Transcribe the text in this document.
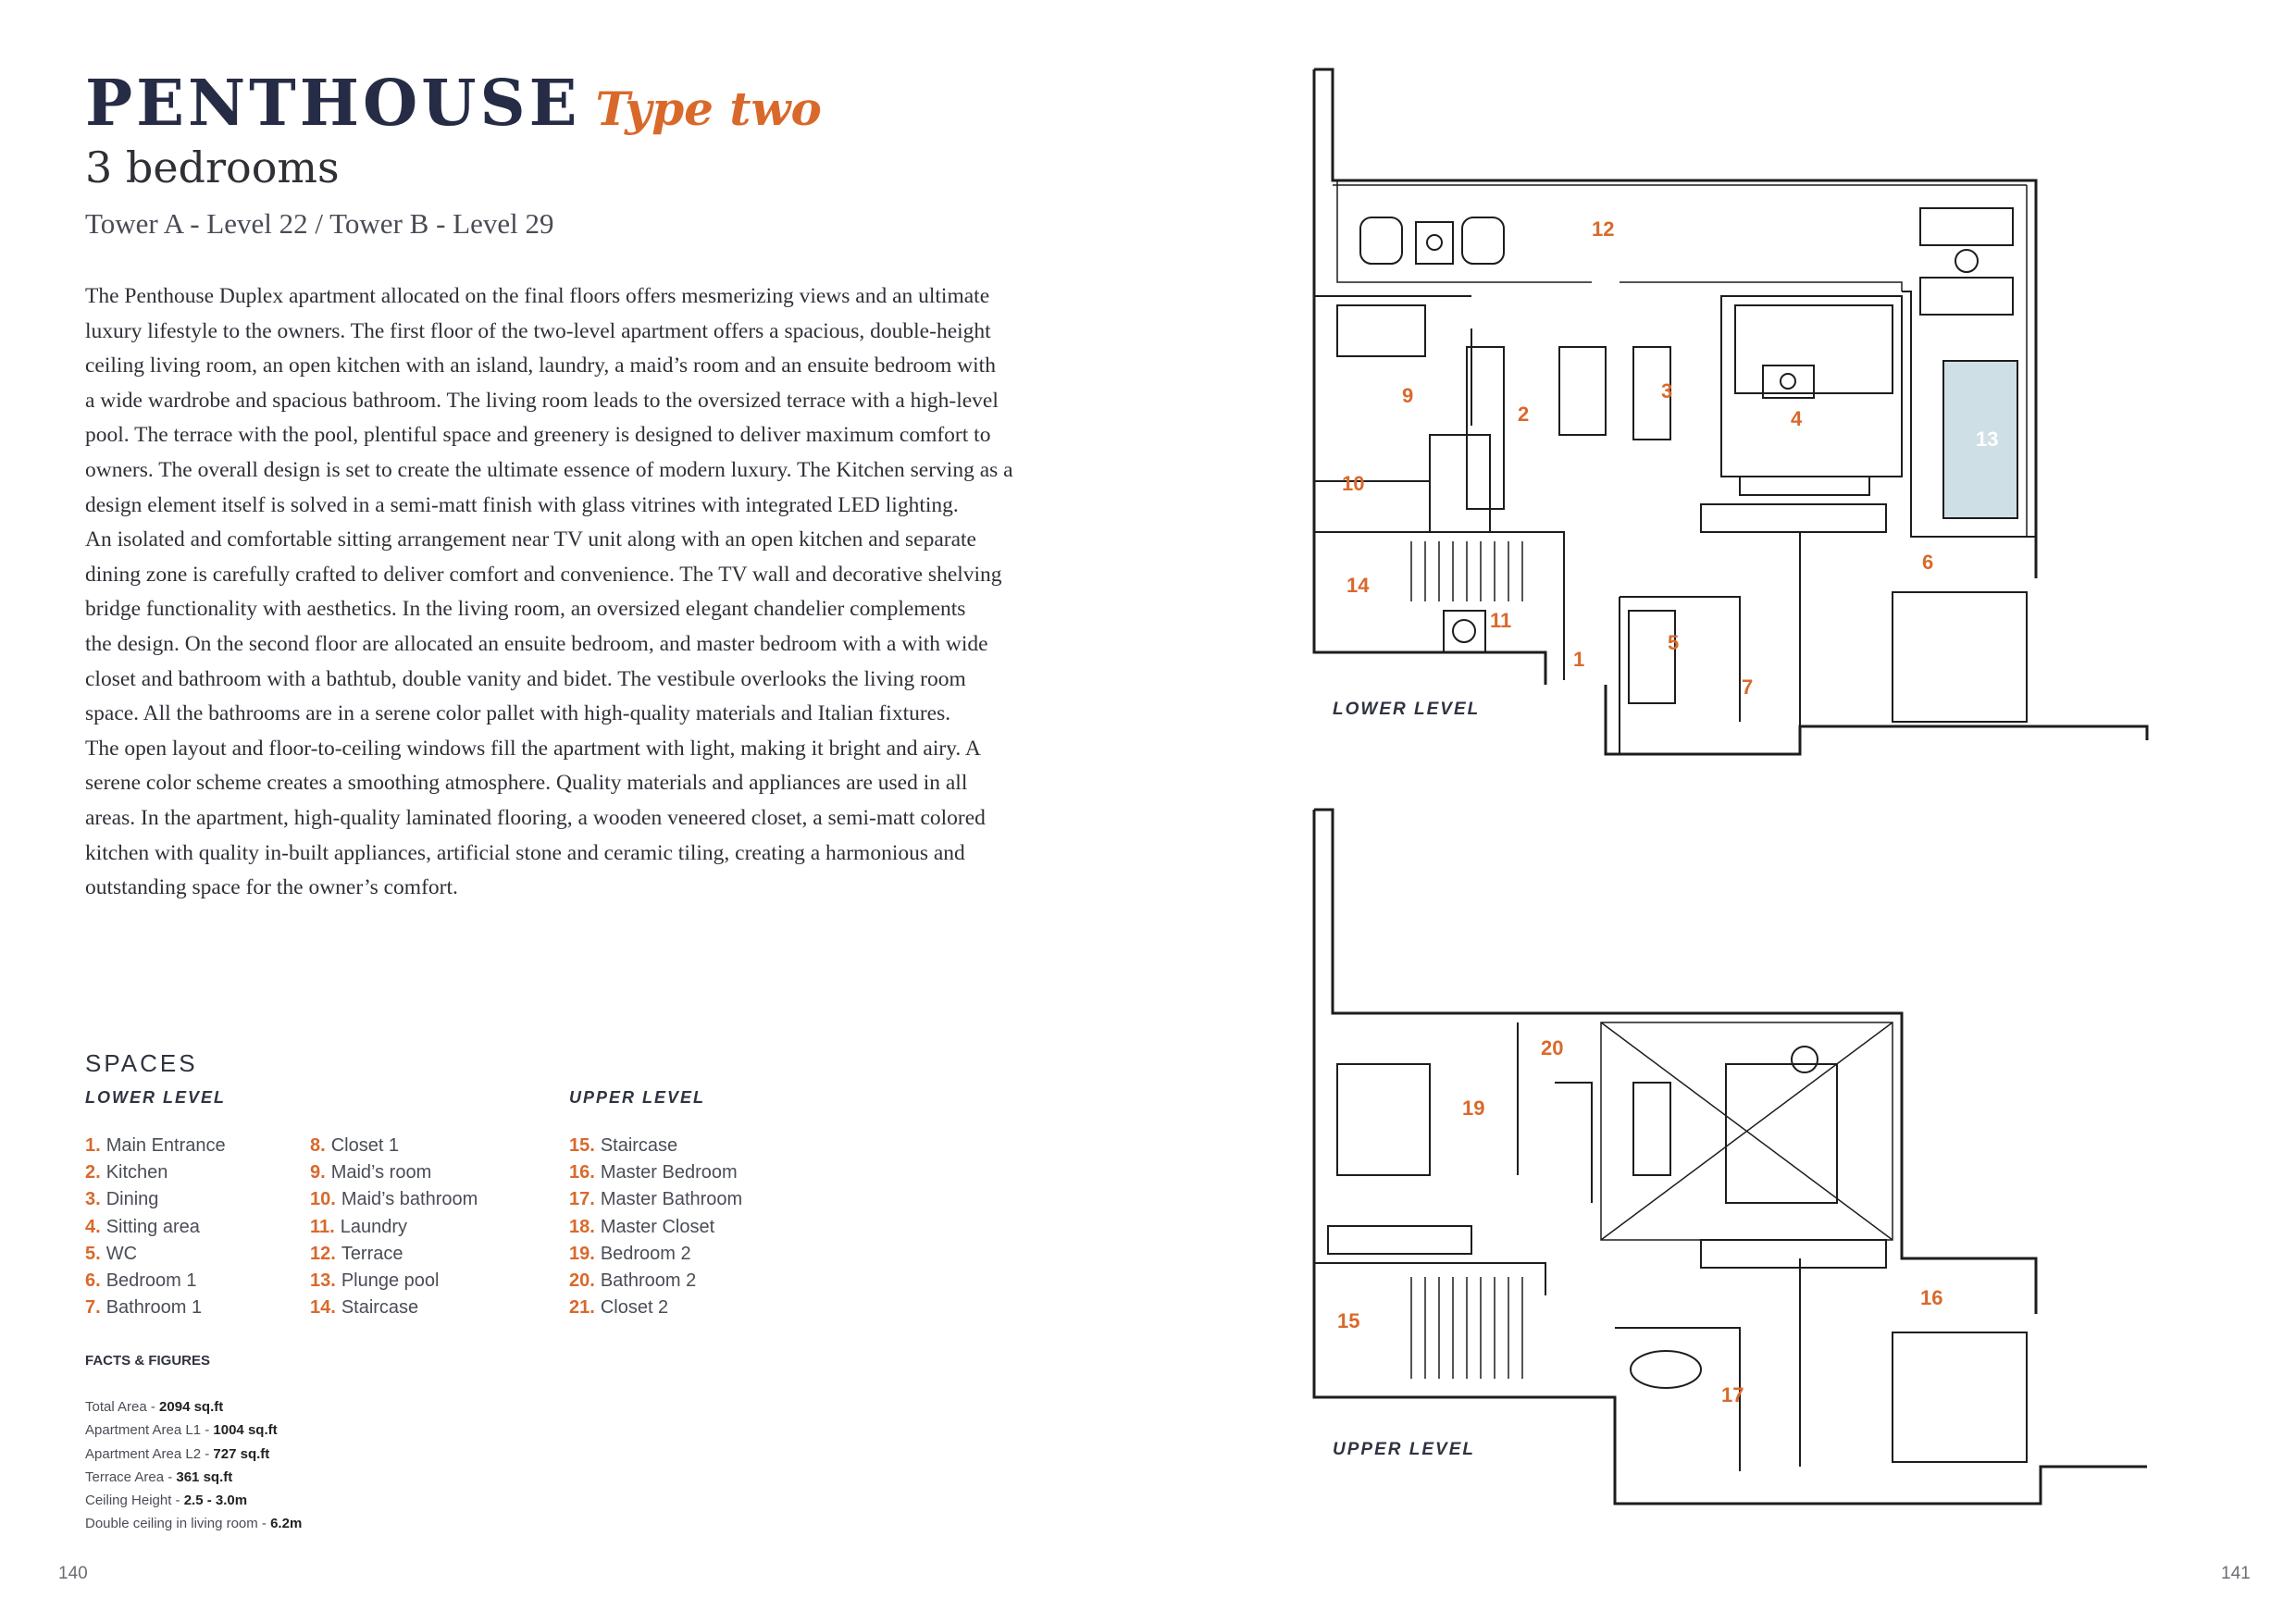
PENTHOUSE Type two
3 bedrooms
Tower A - Level 22 / Tower B - Level 29
The Penthouse Duplex apartment allocated on the final floors offers mesmerizing views and an ultimate
luxury lifestyle to the owners. The first floor of the two-level apartment offers a spacious, double-height
ceiling living room, an open kitchen with an island, laundry, a maid’s room and an ensuite bedroom with
a wide wardrobe and spacious bathroom. The living room leads to the oversized terrace with a high-level
pool. The terrace with the pool, plentiful space and greenery is designed to deliver maximum comfort to
owners. The overall design is set to create the ultimate essence of modern luxury. The Kitchen serving as a
design element itself is solved in a semi-matt finish with glass vitrines with integrated LED lighting.
An isolated and comfortable sitting arrangement near TV unit along with an open kitchen and separate
dining zone is carefully crafted to deliver comfort and convenience. The TV wall and decorative shelving
bridge functionality with aesthetics. In the living room, an oversized elegant chandelier complements
the design. On the second floor are allocated an ensuite bedroom, and master bedroom with a with wide
closet and bathroom with a bathtub, double vanity and bidet. The vestibule overlooks the living room
space. All the bathrooms are in a serene color pallet with high-quality materials and Italian fixtures.
The open layout and floor-to-ceiling windows fill the apartment with light, making it bright and airy. A
serene color scheme creates a smoothing atmosphere. Quality materials and appliances are used in all
areas. In the apartment, high-quality laminated flooring, a wooden veneered closet, a semi-matt colored
kitchen with quality in-built appliances, artificial stone and ceramic tiling, creating a harmonious and
outstanding space for the owner’s comfort.
SPACES
LOWER LEVEL	UPPER LEVEL
1. Main Entrance
2. Kitchen
3. Dining
4. Sitting area
5. WC
6. Bedroom 1
7. Bathroom 1
8. Closet 1
9. Maid’s room
10. Maid’s bathroom
11. Laundry
12. Terrace
13. Plunge pool
14. Staircase
15. Staircase
16. Master Bedroom
17. Master Bathroom
18. Master Closet
19. Bedroom 2
20. Bathroom 2
21. Closet 2
FACTS & FIGURES
Total Area - 2094 sq.ft
Apartment Area L1 - 1004 sq.ft
Apartment Area L2 - 727 sq.ft
Terrace Area - 361 sq.ft
Ceiling Height - 2.5 - 3.0m
Double ceiling in living room - 6.2m
140	141
1
2
3
4
5
6
7
9
10
11
12
13
14
LOWER LEVEL
15
16
17
19
20
UPPER LEVEL
